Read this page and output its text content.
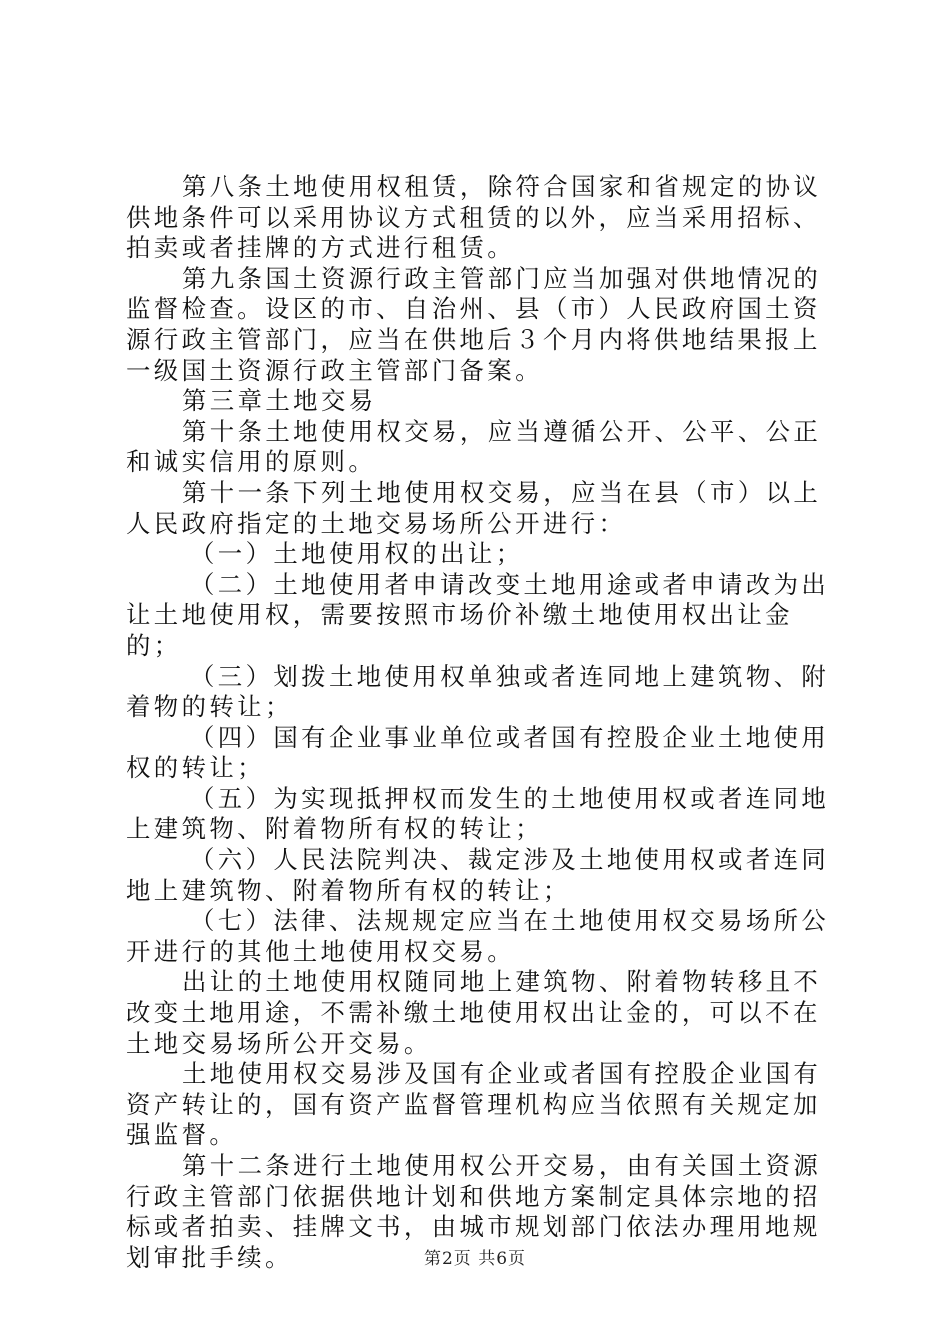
第八条土地使用权租赁，除符合国家和省规定的协议供地条件可以采用协议方式租赁的以外，应当采用招标、拍卖或者挂牌的方式进行租赁。

第九条国土资源行政主管部门应当加强对供地情况的监督检查。设区的市、自治州、县（市）人民政府国土资源行政主管部门，应当在供地后３个月内将供地结果报上一级国土资源行政主管部门备案。

第三章土地交易

第十条土地使用权交易，应当遵循公开、公平、公正和诚实信用的原则。

第十一条下列土地使用权交易，应当在县（市）以上人民政府指定的土地交易场所公开进行：

（一）土地使用权的出让；

（二）土地使用者申请改变土地用途或者申请改为出让土地使用权，需要按照市场价补缴土地使用权出让金的；

（三）划拨土地使用权单独或者连同地上建筑物、附着物的转让；

（四）国有企业事业单位或者国有控股企业土地使用权的转让；

（五）为实现抵押权而发生的土地使用权或者连同地上建筑物、附着物所有权的转让；

（六）人民法院判决、裁定涉及土地使用权或者连同地上建筑物、附着物所有权的转让；

（七）法律、法规规定应当在土地使用权交易场所公开进行的其他土地使用权交易。

出让的土地使用权随同地上建筑物、附着物转移且不改变土地用途，不需补缴土地使用权出让金的，可以不在土地交易场所公开交易。

土地使用权交易涉及国有企业或者国有控股企业国有资产转让的，国有资产监督管理机构应当依照有关规定加强监督。

第十二条进行土地使用权公开交易，由有关国土资源行政主管部门依据供地计划和供地方案制定具体宗地的招标或者拍卖、挂牌文书，由城市规划部门依法办理用地规划审批手续。	第2页 共6页
